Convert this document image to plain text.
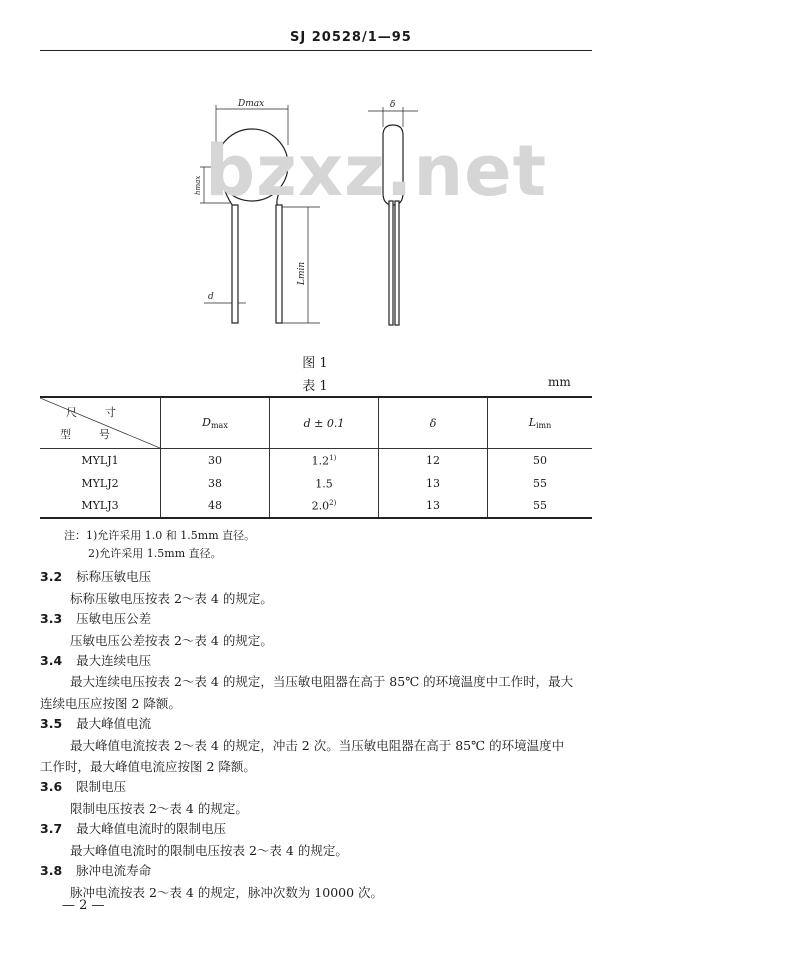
SJ 20528/1—95
Dmax
hmax
d
Lmin
δ
bzxz.net
图 1
表 1	mm
尺寸
型号	$D_{max}$	d ± 0.1	δ	$L_{imn}$
MYLJ1	30	1.2$^{1)}$	12	50
MYLJ2	38	1.5	13	55
MYLJ3	48	2.0$^{2)}$	13	55
注：1)允许采用 1.0 和 1.5mm 直径。
2)允许采用 1.5mm 直径。
3.2 标称压敏电压
标称压敏电压按表 2～表 4 的规定。
3.3 压敏电压公差
压敏电压公差按表 2～表 4 的规定。
3.4 最大连续电压
最大连续电压按表 2～表 4 的规定，当压敏电阻器在高于 85℃ 的环境温度中工作时，最大
连续电压应按图 2 降额。
3.5 最大峰值电流
最大峰值电流按表 2～表 4 的规定，冲击 2 次。当压敏电阻器在高于 85℃ 的环境温度中
工作时，最大峰值电流应按图 2 降额。
3.6 限制电压
限制电压按表 2～表 4 的规定。
3.7 最大峰值电流时的限制电压
最大峰值电流时的限制电压按表 2～表 4 的规定。
3.8 脉冲电流寿命
脉冲电流按表 2～表 4 的规定，脉冲次数为 10000 次。
— 2 —
